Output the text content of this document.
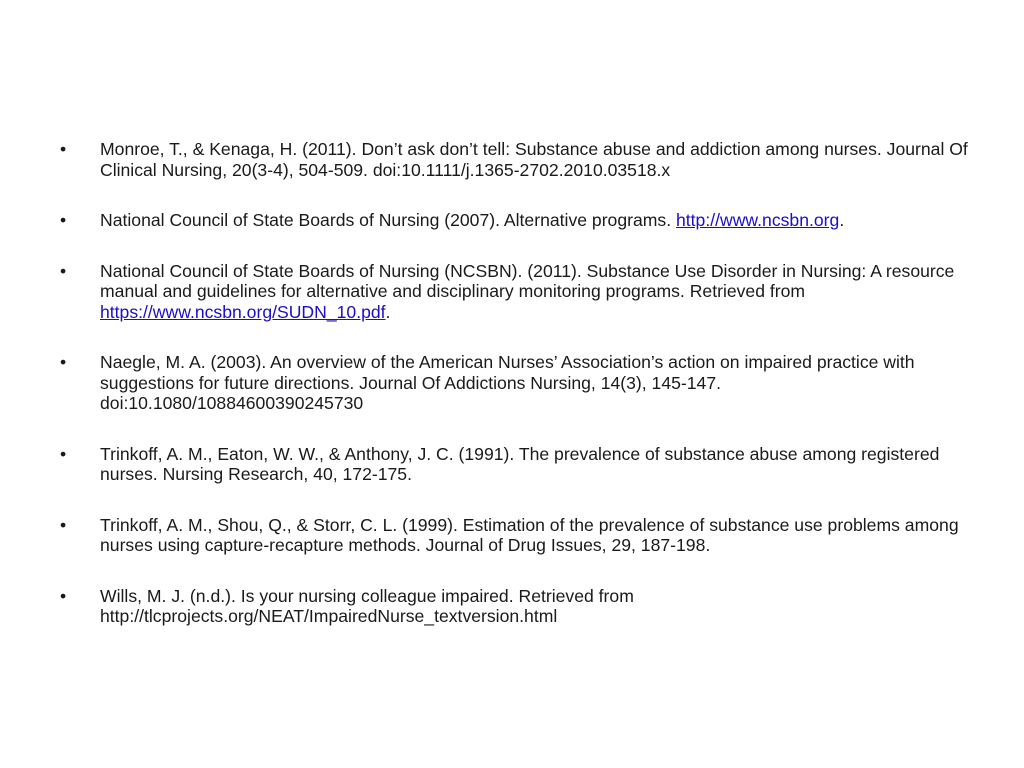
• Monroe, T., & Kenaga, H. (2011). Don’t ask don’t tell: Substance abuse and addiction among nurses. Journal Of Clinical Nursing, 20(3-4), 504-509. doi:10.1111/j.1365-2702.2010.03518.x
• National Council of State Boards of Nursing (2007). Alternative programs. http://www.ncsbn.org.
• National Council of State Boards of Nursing (NCSBN). (2011). Substance Use Disorder in Nursing: A resource manual and guidelines for alternative and disciplinary monitoring programs. Retrieved from https://www.ncsbn.org/SUDN_10.pdf.
• Naegle, M. A. (2003). An overview of the American Nurses’ Association’s action on impaired practice with suggestions for future directions. Journal Of Addictions Nursing, 14(3), 145-147. doi:10.1080/10884600390245730
• Trinkoff, A. M., Eaton, W. W., & Anthony, J. C. (1991). The prevalence of substance abuse among registered nurses. Nursing Research, 40, 172-175.
• Trinkoff, A. M., Shou, Q., & Storr, C. L. (1999). Estimation of the prevalence of substance use problems among nurses using capture-recapture methods. Journal of Drug Issues, 29, 187-198.
• Wills, M. J. (n.d.). Is your nursing colleague impaired. Retrieved from http://tlcprojects.org/NEAT/ImpairedNurse_textversion.html
